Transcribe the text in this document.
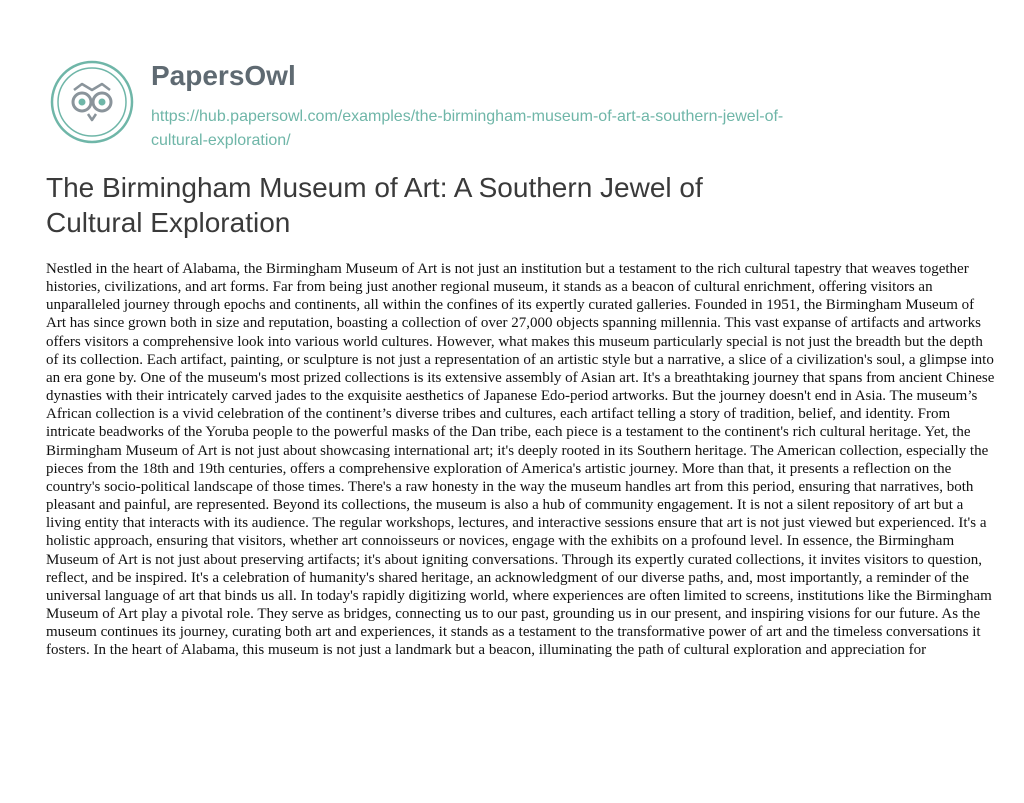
PapersOwl
https://hub.papersowl.com/examples/the-birmingham-museum-of-art-a-southern-jewel-of-
cultural-exploration/
The Birmingham Museum of Art: A Southern Jewel of Cultural Exploration

Nestled in the heart of Alabama, the Birmingham Museum of Art is not just an institution but a testament to the rich cultural tapestry that weaves together histories, civilizations, and art forms. Far from being just another regional museum, it stands as a beacon of cultural enrichment, offering visitors an unparalleled journey through epochs and continents, all within the confines of its expertly curated galleries. Founded in 1951, the Birmingham Museum of Art has since grown both in size and reputation, boasting a collection of over 27,000 objects spanning millennia. This vast expanse of artifacts and artworks offers visitors a comprehensive look into various world cultures. However, what makes this museum particularly special is not just the breadth but the depth of its collection. Each artifact, painting, or sculpture is not just a representation of an artistic style but a narrative, a slice of a civilization's soul, a glimpse into an era gone by. One of the museum's most prized collections is its extensive assembly of Asian art. It's a breathtaking journey that spans from ancient Chinese dynasties with their intricately carved jades to the exquisite aesthetics of Japanese Edo-period artworks. But the journey doesn't end in Asia. The museum’s African collection is a vivid celebration of the continent’s diverse tribes and cultures, each artifact telling a story of tradition, belief, and identity. From intricate beadworks of the Yoruba people to the powerful masks of the Dan tribe, each piece is a testament to the continent's rich cultural heritage. Yet, the Birmingham Museum of Art is not just about showcasing international art; it's deeply rooted in its Southern heritage. The American collection, especially the pieces from the 18th and 19th centuries, offers a comprehensive exploration of America's artistic journey. More than that, it presents a reflection on the country's socio-political landscape of those times. There's a raw honesty in the way the museum handles art from this period, ensuring that narratives, both pleasant and painful, are represented. Beyond its collections, the museum is also a hub of community engagement. It is not a silent repository of art but a living entity that interacts with its audience. The regular workshops, lectures, and interactive sessions ensure that art is not just viewed but experienced. It's a holistic approach, ensuring that visitors, whether art connoisseurs or novices, engage with the exhibits on a profound level. In essence, the Birmingham Museum of Art is not just about preserving artifacts; it's about igniting conversations. Through its expertly curated collections, it invites visitors to question, reflect, and be inspired. It's a celebration of humanity's shared heritage, an acknowledgment of our diverse paths, and, most importantly, a reminder of the universal language of art that binds us all. In today's rapidly digitizing world, where experiences are often limited to screens, institutions like the Birmingham Museum of Art play a pivotal role. They serve as bridges, connecting us to our past, grounding us in our present, and inspiring visions for our future. As the museum continues its journey, curating both art and experiences, it stands as a testament to the transformative power of art and the timeless conversations it fosters. In the heart of Alabama, this museum is not just a landmark but a beacon, illuminating the path of cultural exploration and appreciation for
